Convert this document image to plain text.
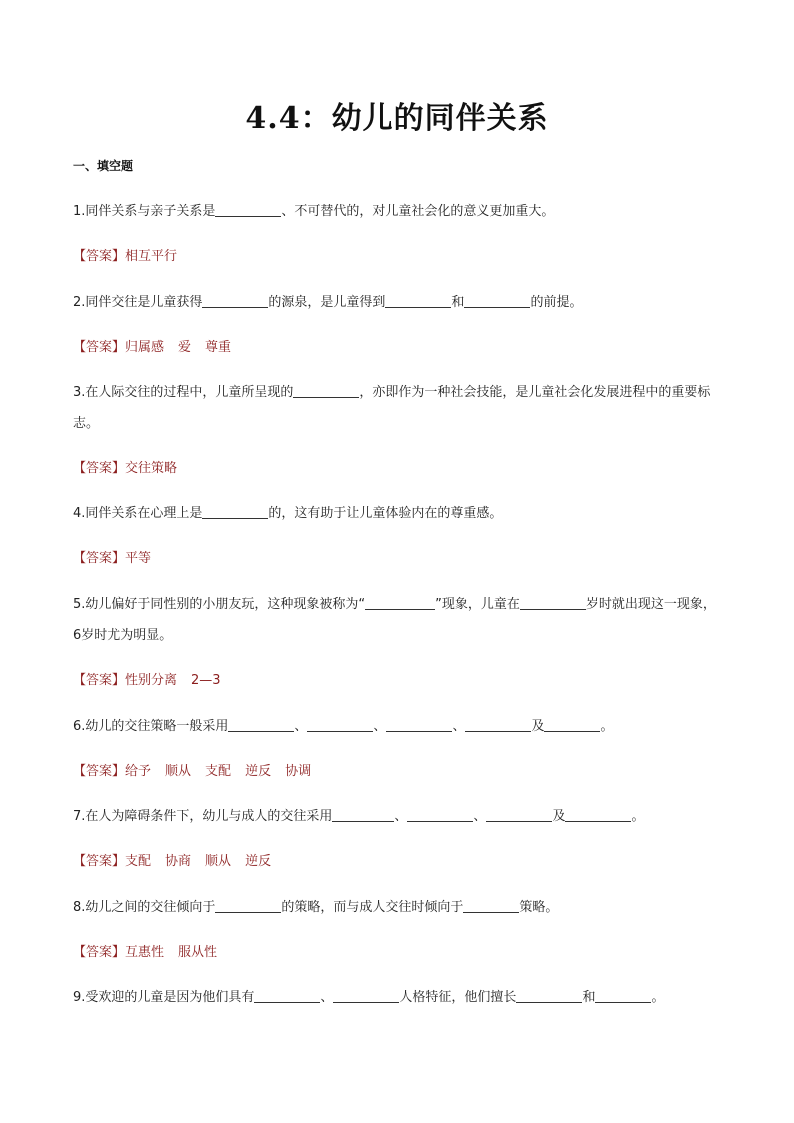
4.4：幼儿的同伴关系
一、填空题
1.同伴关系与亲子关系是	、不可替代的，对儿童社会化的意义更加重大。
【答案】相互平行
2.同伴交往是儿童获得	的源泉，是儿童得到	和	的前提。
【答案】归属感 爱 尊重
3.在人际交往的过程中，儿童所呈现的	，亦即作为一种社会技能，是儿童社会化发展进程中的重要标志。
【答案】交往策略
4.同伴关系在心理上是	的，这有助于让儿童体验内在的尊重感。
【答案】平等
5.幼儿偏好于同性别的小朋友玩，这种现象被称为“	”现象，儿童在	岁时就出现这一现象，6岁时尤为明显。
【答案】性别分离 2—3
6.幼儿的交往策略一般采用	、	、	、	及	。
【答案】给予 顺从 支配 逆反 协调
7.在人为障碍条件下，幼儿与成人的交往采用	、	、	及	。
【答案】支配 协商 顺从 逆反
8.幼儿之间的交往倾向于	的策略，而与成人交往时倾向于	策略。
【答案】互惠性 服从性
9.受欢迎的儿童是因为他们具有	、	人格特征，他们擅长	和	。
